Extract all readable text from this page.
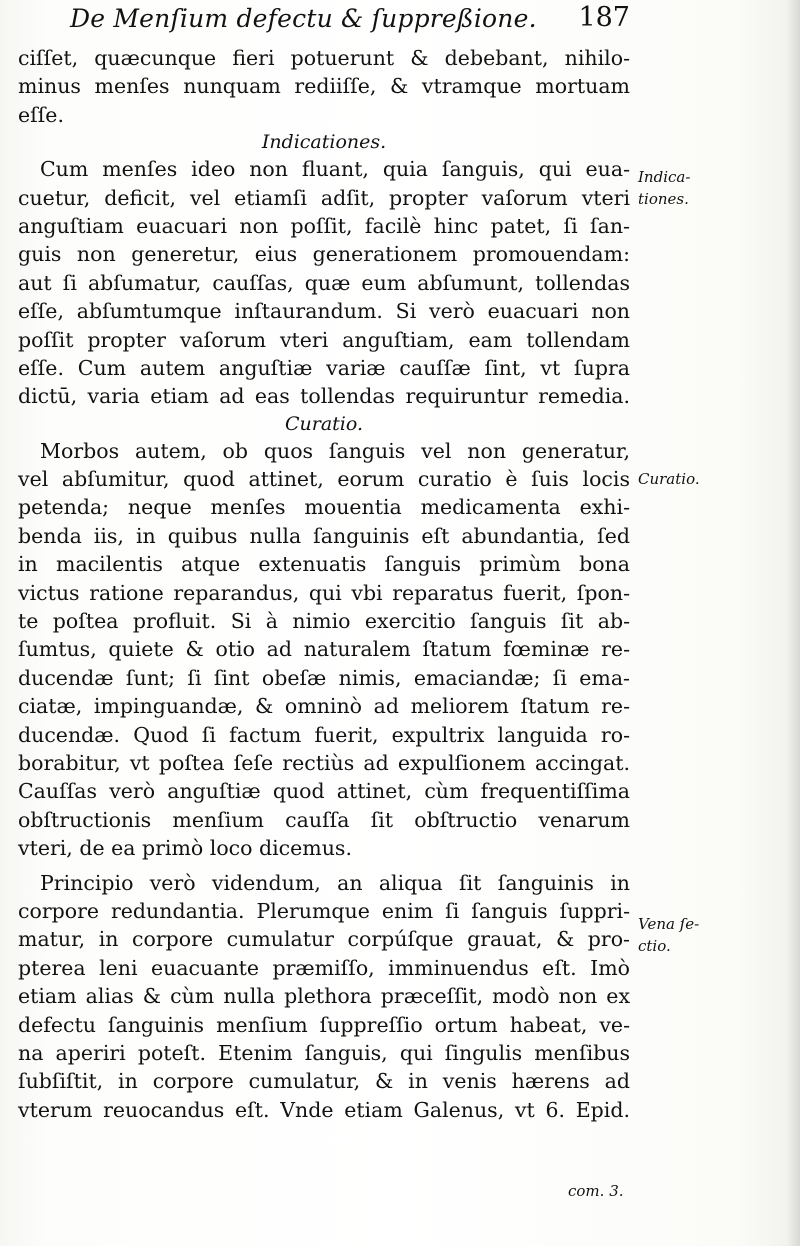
De Menſium defectu & ſuppreßione. 187
ciſſet, quæcunque fieri potuerunt & debebant, nihilo-
minus menſes nunquam rediiſſe, & vtramque mortuam
eſſe.
Indicationes.
Cum menſes ideo non fluant, quia ſanguis, qui eua-
cuetur, deficit, vel etiamſi adſit, propter vaſorum vteri
anguſtiam euacuari non poſſit, facilè hinc patet, ſi ſan-
guis non generetur, eius generationem promouendam:
aut ſi abſumatur, cauſſas, quæ eum abſumunt, tollendas
eſſe, abſumtumque inſtaurandum. Si verò euacuari non
poſſit propter vaſorum vteri anguſtiam, eam tollendam
eſſe. Cum autem anguſtiæ variæ cauſſæ ſint, vt ſupra
dictū, varia etiam ad eas tollendas requiruntur remedia.
Curatio.
Morbos autem, ob quos ſanguis vel non generatur,
vel abſumitur, quod attinet, eorum curatio è ſuis locis
petenda; neque menſes mouentia medicamenta exhi-
benda iis, in quibus nulla ſanguinis eſt abundantia, ſed
in macilentis atque extenuatis ſanguis primùm bona
victus ratione reparandus, qui vbi reparatus fuerit, ſpon-
te poſtea profluit. Si à nimio exercitio ſanguis ſit ab-
ſumtus, quiete & otio ad naturalem ſtatum fœminæ re-
ducendæ ſunt; ſi ſint obeſæ nimis, emaciandæ; ſi ema-
ciatæ, impinguandæ, & omninò ad meliorem ſtatum re-
ducendæ. Quod ſi factum fuerit, expultrix languida ro-
borabitur, vt poſtea ſeſe rectiùs ad expulſionem accingat.
Cauſſas verò anguſtiæ quod attinet, cùm frequentiſſima
obſtructionis menſium cauſſa ſit obſtructio venarum
vteri, de ea primò loco dicemus.
Principio verò videndum, an aliqua ſit ſanguinis in
corpore redundantia. Plerumque enim ſi ſanguis ſuppri-
matur, in corpore cumulatur corpúſque grauat, & pro-
pterea leni euacuante præmiſſo, imminuendus eſt. Imò
etiam alias & cùm nulla plethora præceſſit, modò non ex
defectu ſanguinis menſium ſuppreſſio ortum habeat, ve-
na aperiri poteſt. Etenim ſanguis, qui ſingulis menſibus
ſubſiſtit, in corpore cumulatur, & in venis hærens ad
vterum reuocandus eſt. Vnde etiam Galenus, vt 6. Epid.
Indica-
tiones.
Curatio.
Vena ſe-
ctio.
com. 3.
